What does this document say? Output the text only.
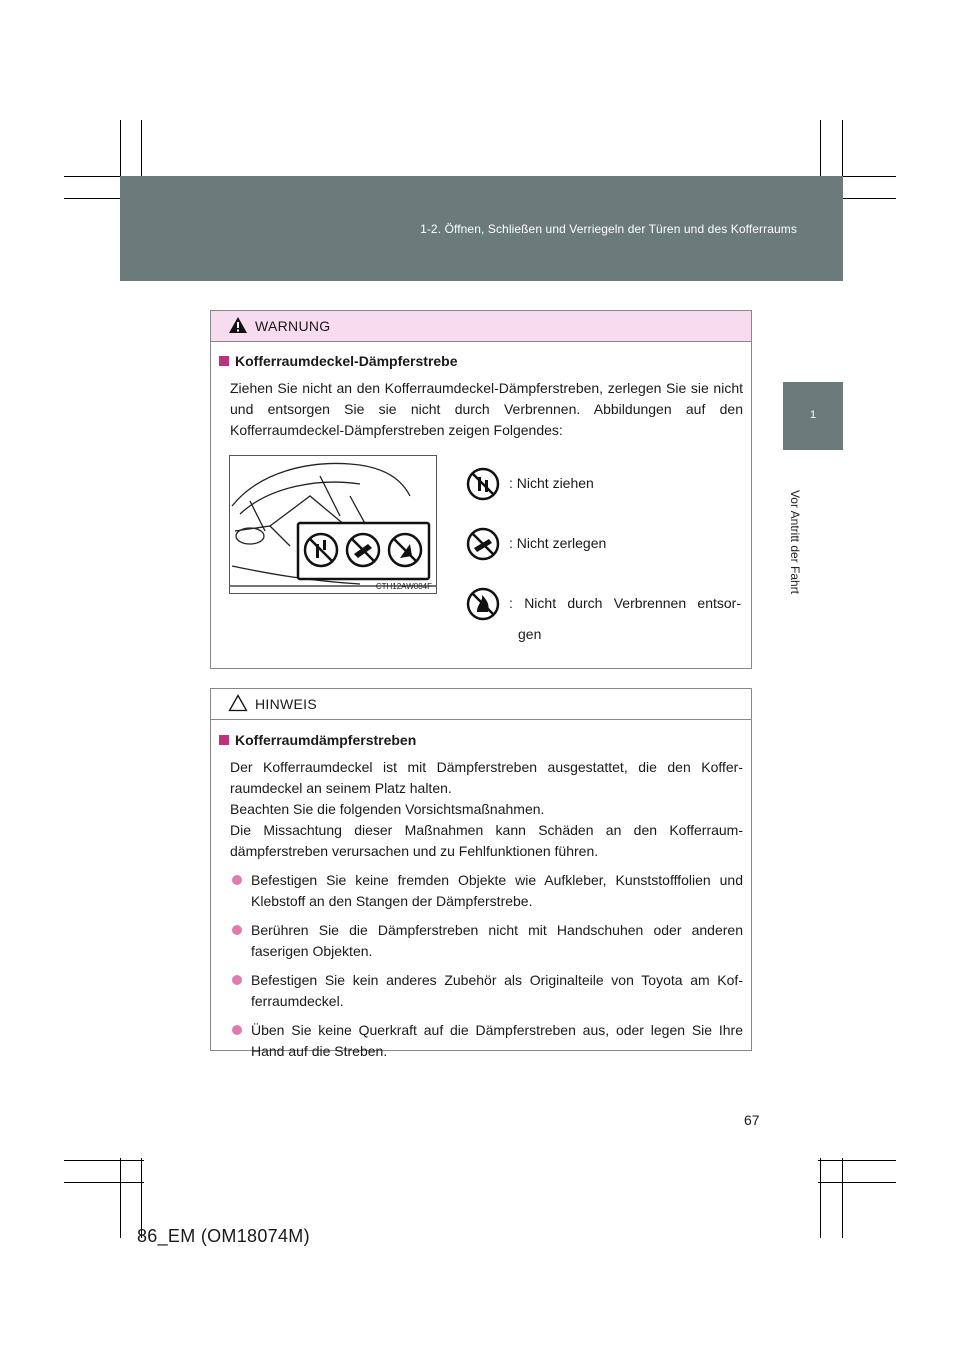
1-2. Öffnen, Schließen und Verriegeln der Türen und des Kofferraums
1
Vor Antritt der Fahrt
WARNUNG
Kofferraumdeckel-Dämpferstrebe
Ziehen Sie nicht an den Kofferraumdeckel-Dämpferstreben, zerlegen Sie sie nicht und entsorgen Sie sie nicht durch Verbrennen. Abbildungen auf den Kofferraumdeckel-Dämpferstreben zeigen Folgendes:
CTH12AW084F
: Nicht ziehen
: Nicht zerlegen
: Nicht durch Verbrennen entsor-
gen
HINWEIS
Kofferraumdämpferstreben
Der Kofferraumdeckel ist mit Dämpferstreben ausgestattet, die den Koffer-raumdeckel an seinem Platz halten.
Beachten Sie die folgenden Vorsichtsmaßnahmen.
Die Missachtung dieser Maßnahmen kann Schäden an den Kofferraum-dämpferstreben verursachen und zu Fehlfunktionen führen.
Befestigen Sie keine fremden Objekte wie Aufkleber, Kunststofffolien und Klebstoff an den Stangen der Dämpferstrebe.
Berühren Sie die Dämpferstreben nicht mit Handschuhen oder anderen faserigen Objekten.
Befestigen Sie kein anderes Zubehör als Originalteile von Toyota am Kof-ferraumdeckel.
Üben Sie keine Querkraft auf die Dämpferstreben aus, oder legen Sie Ihre Hand auf die Streben.
67
86_EM (OM18074M)
